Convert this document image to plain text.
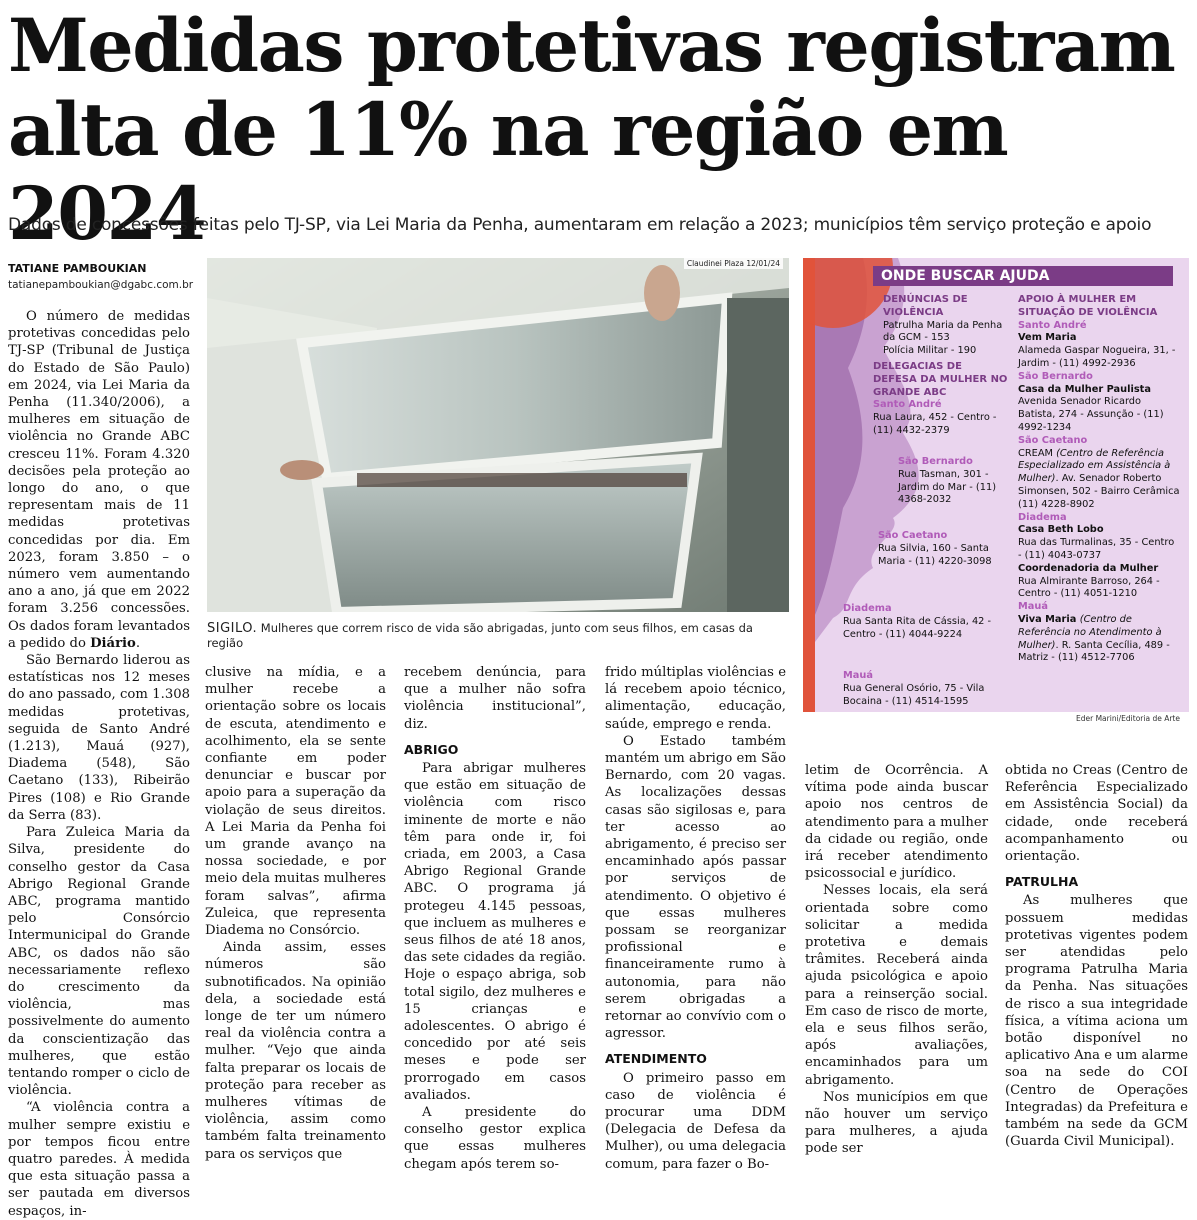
Medidas protetivas registram
alta de 11% na região em 2024

Dados de concessões feitas pelo TJ-SP, via Lei Maria da Penha, aumentaram em relação a 2023; municípios têm serviço proteção e apoio

TATIANE PAMBOUKIAN
tatianepamboukian@dgabc.com.br

O número de medidas protetivas concedidas pelo TJ-SP (Tribunal de Justiça do Estado de São Paulo) em 2024, via Lei Maria da Penha (11.340/2006), a mulheres em situação de violência no Grande ABC cresceu 11%. Foram 4.320 decisões pela proteção ao longo do ano, o que representam mais de 11 medidas protetivas concedidas por dia. Em 2023, foram 3.850 – o número vem aumentando ano a ano, já que em 2022 foram 3.256 concessões. Os dados foram levantados a pedido do Diário.

São Bernardo liderou as estatísticas nos 12 meses do ano passado, com 1.308 medidas protetivas, seguida de Santo André (1.213), Mauá (927), Diadema (548), São Caetano (133), Ribeirão Pires (108) e Rio Grande da Serra (83).

Para Zuleica Maria da Silva, presidente do conselho gestor da Casa Abrigo Regional Grande ABC, programa mantido pelo Consórcio Intermunicipal do Grande ABC, os dados não são necessariamente reflexo do crescimento da violência, mas possivelmente do aumento da conscientização das mulheres, que estão tentando romper o ciclo de violência.

“A violência contra a mulher sempre existiu e por tempos ficou entre quatro paredes. À medida que esta situação passa a ser pautada em diversos espaços, in-

Claudinei Plaza 12/01/24
SIGILO. Mulheres que correm risco de vida são abrigadas, junto com seus filhos, em casas da região

clusive na mídia, e a mulher recebe a orientação sobre os locais de escuta, atendimento e acolhimento, ela se sente confiante em poder denunciar e buscar por apoio para a superação da violação de seus direitos. A Lei Maria da Penha foi um grande avanço na nossa sociedade, e por meio dela muitas mulheres foram salvas”, afirma Zuleica, que representa Diadema no Consórcio.

Ainda assim, esses números são subnotificados. Na opinião dela, a sociedade está longe de ter um número real da violência contra a mulher. “Vejo que ainda falta preparar os locais de proteção para receber as mulheres vítimas de violência, assim como também falta treinamento para os serviços que

recebem denúncia, para que a mulher não sofra violência institucional”, diz.

ABRIGO

Para abrigar mulheres que estão em situação de violência com risco iminente de morte e não têm para onde ir, foi criada, em 2003, a Casa Abrigo Regional Grande ABC. O programa já protegeu 4.145 pessoas, que incluem as mulheres e seus filhos de até 18 anos, das sete cidades da região. Hoje o espaço abriga, sob total sigilo, dez mulheres e 15 crianças e adolescentes. O abrigo é concedido por até seis meses e pode ser prorrogado em casos avaliados.

A presidente do conselho gestor explica que essas mulheres chegam após terem so-

frido múltiplas violências e lá recebem apoio técnico, alimentação, educação, saúde, emprego e renda.

O Estado também mantém um abrigo em São Bernardo, com 20 vagas. As localizações dessas casas são sigilosas e, para ter acesso ao abrigamento, é preciso ser encaminhado após passar por serviços de atendimento. O objetivo é que essas mulheres possam se reorganizar profissional e financeiramente rumo à autonomia, para não serem obrigadas a retornar ao convívio com o agressor.

ATENDIMENTO

O primeiro passo em caso de violência é procurar uma DDM (Delegacia de Defesa da Mulher), ou uma delegacia comum, para fazer o Bo-

letim de Ocorrência. A vítima pode ainda buscar apoio nos centros de atendimento para a mulher da cidade ou região, onde irá receber atendimento psicossocial e jurídico.

Nesses locais, ela será orientada sobre como solicitar a medida protetiva e demais trâmites. Receberá ainda ajuda psicológica e apoio para a reinserção social. Em caso de risco de morte, ela e seus filhos serão, após avaliações, encaminhados para um abrigamento.

Nos municípios em que não houver um serviço para mulheres, a ajuda pode ser

obtida no Creas (Centro de Referência Especializado em Assistência Social) da cidade, onde receberá acompanhamento ou orientação.

PATRULHA

As mulheres que possuem medidas protetivas vigentes podem ser atendidas pelo programa Patrulha Maria da Penha. Nas situações de risco a sua integridade física, a vítima aciona um botão disponível no aplicativo Ana e um alarme soa na sede do COI (Centro de Operações Integradas) da Prefeitura e também na sede da GCM (Guarda Civil Municipal).

ONDE BUSCAR AJUDA
DENÚNCIAS DE VIOLÊNCIA
Patrulha Maria da Penha da GCM - 153
Polícia Militar - 190
DELEGACIAS DE DEFESA DA MULHER NO GRANDE ABC
Santo André
Rua Laura, 452 - Centro - (11) 4432-2379
São Bernardo
Rua Tasman, 301 - Jardim do Mar - (11) 4368-2032
São Caetano
Rua Silvia, 160 - Santa Maria - (11) 4220-3098
Diadema
Rua Santa Rita de Cássia, 42 - Centro - (11) 4044-9224
Mauá
Rua General Osório, 75 - Vila Bocaina - (11) 4514-1595
APOIO À MULHER EM SITUAÇÃO DE VIOLÊNCIA
Santo André
Vem Maria
Alameda Gaspar Nogueira, 31, - Jardim - (11) 4992-2936
São Bernardo
Casa da Mulher Paulista
Avenida Senador Ricardo Batista, 274 - Assunção - (11) 4992-1234
São Caetano
CREAM (Centro de Referência Especializado em Assistência à Mulher). Av. Senador Roberto Simonsen, 502 - Bairro Cerâmica (11) 4228-8902
Diadema
Casa Beth Lobo
Rua das Turmalinas, 35 - Centro - (11) 4043-0737
Coordenadoria da Mulher
Rua Almirante Barroso, 264 - Centro - (11) 4051-1210
Mauá
Viva Maria (Centro de Referência no Atendimento à Mulher). R. Santa Cecília, 489 - Matriz - (11) 4512-7706
Eder Marini/Editoria de Arte
